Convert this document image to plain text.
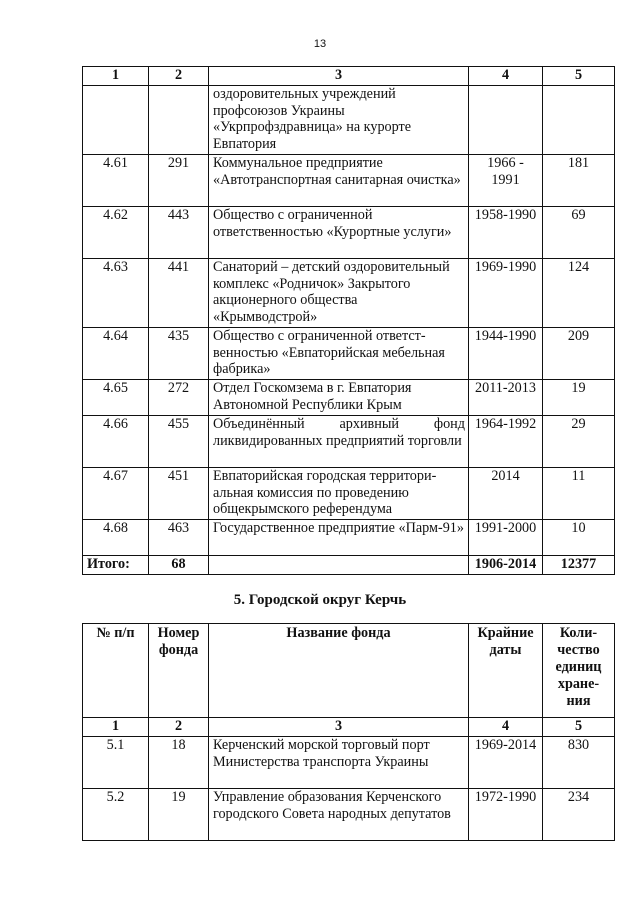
13
1	2	3	4	5
		оздоровительных учреждений профсоюзов Украины «Укрпрофздравница» на курорте Евпатория		
4.61	291	Коммунальное предприятие «Автотранспортная санитарная очистка»	1966 - 1991	181
4.62	443	Общество с ограниченной ответственностью «Курортные услуги»	1958-1990	69
4.63	441	Санаторий – детский оздоровительный комплекс «Родничок» Закрытого акционерного общества «Крымводстрой»	1969-1990	124
4.64	435	Общество с ограниченной ответст-венностью «Евпаторийская мебельная фабрика»	1944-1990	209
4.65	272	Отдел Госкомзема в г. Евпатория Автономной Республики Крым	2011-2013	19
4.66	455	Объединённый архивный фонд ликвидированных предприятий торговли	1964-1992	29
4.67	451	Евпаторийская городская территори-альная комиссия по проведению общекрымского референдума	2014	11
4.68	463	Государственное предприятие «Парм-91»	1991-2000	10
Итого:	68		1906-2014	12377
5. Городской округ Керчь
№ п/п	Номер фонда	Название фонда	Крайние даты	Коли-чество единиц хране-ния
1	2	3	4	5
5.1	18	Керченский морской торговый порт Министерства транспорта Украины	1969-2014	830
5.2	19	Управление образования Керченского городского Совета народных депутатов	1972-1990	234
